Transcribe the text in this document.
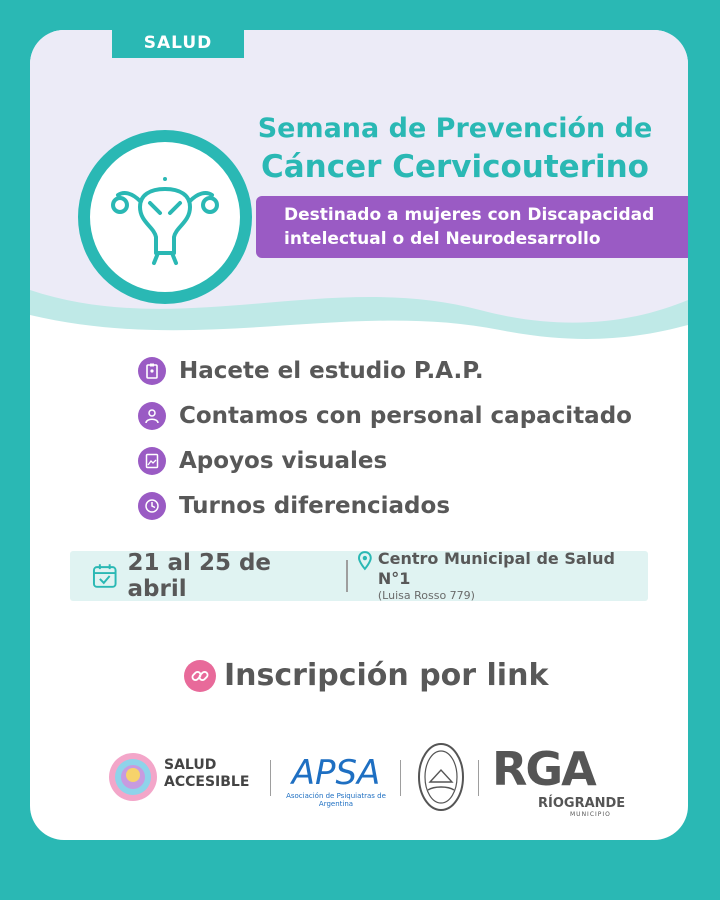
SALUD
Semana de Prevención de
Cáncer Cervicouterino
Destinado a mujeres con Discapacidad
intelectual o del Neurodesarrollo
Hacete el estudio P.A.P.
Contamos con personal capacitado
Apoyos visuales
Turnos diferenciados
21 al 25 de abril
Centro Municipal de Salud N°1
(Luisa Rosso 779)
Inscripción por link
SALUD
ACCESIBLE APSA
Asociación de Psiquiatras de Argentina
RGA
RÍOGRANDE
MUNICIPIO
